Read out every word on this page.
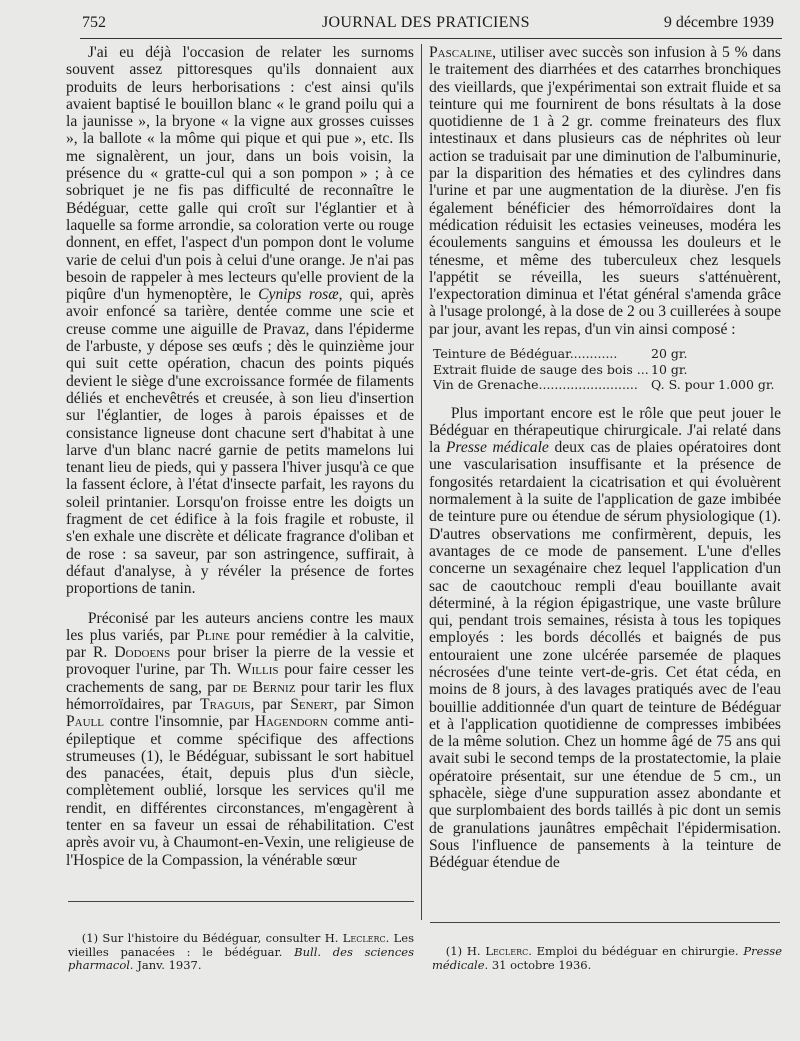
752	JOURNAL DES PRATICIENS	9 décembre 1939

J'ai eu déjà l'occasion de relater les surnoms souvent assez pittoresques qu'ils donnaient aux produits de leurs herborisations : c'est ainsi qu'ils avaient baptisé le bouillon blanc « le grand poilu qui a la jaunisse », la bryone « la vigne aux grosses cuisses », la ballote « la môme qui pique et qui pue », etc. Ils me signalèrent, un jour, dans un bois voisin, la présence du « gratte-cul qui a son pompon » ; à ce sobriquet je ne fis pas difficulté de reconnaître le Bédéguar, cette galle qui croît sur l'églantier et à laquelle sa forme arrondie, sa coloration verte ou rouge donnent, en effet, l'aspect d'un pompon dont le volume varie de celui d'un pois à celui d'une orange. Je n'ai pas besoin de rappeler à mes lecteurs qu'elle provient de la piqûre d'un hymenoptère, le Cynips rosæ, qui, après avoir enfoncé sa tarière, dentée comme une scie et creuse comme une aiguille de Pravaz, dans l'épiderme de l'arbuste, y dépose ses œufs ; dès le quinzième jour qui suit cette opération, chacun des points piqués devient le siège d'une excroissance formée de filaments déliés et enchevêtrés et creusée, à son lieu d'insertion sur l'églantier, de loges à parois épaisses et de consistance ligneuse dont chacune sert d'habitat à une larve d'un blanc nacré garnie de petits mamelons lui tenant lieu de pieds, qui y passera l'hiver jusqu'à ce que la fassent éclore, à l'état d'insecte parfait, les rayons du soleil printanier. Lorsqu'on froisse entre les doigts un fragment de cet édifice à la fois fragile et robuste, il s'en exhale une discrète et délicate fragrance d'oliban et de rose : sa saveur, par son astringence, suffirait, à défaut d'analyse, à y révéler la présence de fortes proportions de tanin.

Préconisé par les auteurs anciens contre les maux les plus variés, par Pline pour remédier à la calvitie, par R. Dodoens pour briser la pierre de la vessie et provoquer l'urine, par Th. Willis pour faire cesser les crachements de sang, par de Berniz pour tarir les flux hémorroïdaires, par Traguis, par Senert, par Simon Paull contre l'insomnie, par Hagendorn comme anti-épileptique et comme spécifique des affections strumeuses (1), le Bédéguar, subissant le sort habituel des panacées, était, depuis plus d'un siècle, complètement oublié, lorsque les services qu'il me rendit, en différentes circonstances, m'engagèrent à tenter en sa faveur un essai de réhabilitation. C'est après avoir vu, à Chaumont-en-Vexin, une religieuse de l'Hospice de la Compassion, la vénérable sœur

Pascaline, utiliser avec succès son infusion à 5 % dans le traitement des diarrhées et des catarrhes bronchiques des vieillards, que j'expérimentai son extrait fluide et sa teinture qui me fournirent de bons résultats à la dose quotidienne de 1 à 2 gr. comme freinateurs des flux intestinaux et dans plusieurs cas de néphrites où leur action se traduisait par une diminution de l'albuminurie, par la disparition des hématies et des cylindres dans l'urine et par une augmentation de la diurèse. J'en fis également bénéficier des hémorroïdaires dont la médication réduisit les ectasies veineuses, modéra les écoulements sanguins et émoussa les douleurs et le ténesme, et même des tuberculeux chez lesquels l'appétit se réveilla, les sueurs s'atténuèrent, l'expectoration diminua et l'état général s'amenda grâce à l'usage prolongé, à la dose de 2 ou 3 cuillerées à soupe par jour, avant les repas, d'un vin ainsi composé :

Teinture de Bédéguar............	20 gr.
Extrait fluide de sauge des bois ... 10 gr.
Vin de Grenache.........................	Q. S. pour 1.000 gr.

Plus important encore est le rôle que peut jouer le Bédéguar en thérapeutique chirurgicale. J'ai relaté dans la Presse médicale deux cas de plaies opératoires dont une vascularisation insuffisante et la présence de fongosités retardaient la cicatrisation et qui évoluèrent normalement à la suite de l'application de gaze imbibée de teinture pure ou étendue de sérum physiologique (1). D'autres observations me confirmèrent, depuis, les avantages de ce mode de pansement. L'une d'elles concerne un sexagénaire chez lequel l'application d'un sac de caoutchouc rempli d'eau bouillante avait déterminé, à la région épigastrique, une vaste brûlure qui, pendant trois semaines, résista à tous les topiques employés : les bords décollés et baignés de pus entouraient une zone ulcérée parsemée de plaques nécrosées d'une teinte vert-de-gris. Cet état céda, en moins de 8 jours, à des lavages pratiqués avec de l'eau bouillie additionnée d'un quart de teinture de Bédéguar et à l'application quotidienne de compresses imbibées de la même solution. Chez un homme âgé de 75 ans qui avait subi le second temps de la prostatectomie, la plaie opératoire présentait, sur une étendue de 5 cm., un sphacèle, siège d'une suppuration assez abondante et que surplombaient des bords taillés à pic dont un semis de granulations jaunâtres empêchait l'épidermisation. Sous l'influence de pansements à la teinture de Bédéguar étendue de

(1) Sur l'histoire du Bédéguar, consulter H. Leclerc. Les vieilles panacées : le bédéguar. Bull. des sciences pharmacol. Janv. 1937.

(1) H. Leclerc. Emploi du bédéguar en chirurgie. Presse médicale. 31 octobre 1936.
